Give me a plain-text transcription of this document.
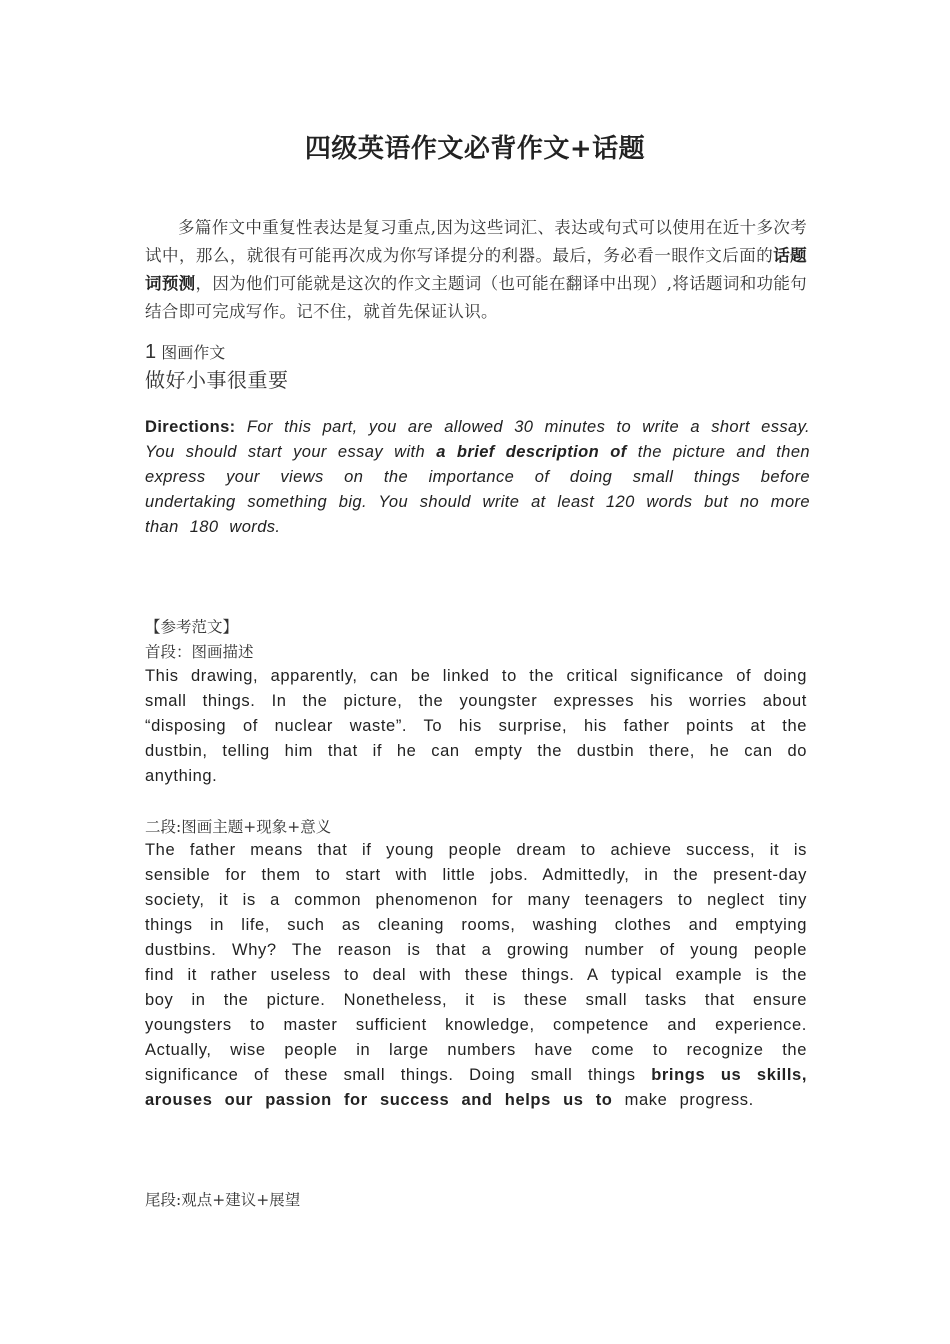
四级英语作文必背作文+话题
多篇作文中重复性表达是复习重点,因为这些词汇、表达或句式可以使用在近十多次考试中，那么，就很有可能再次成为你写译提分的利器。最后，务必看一眼作文后面的话题词预测，因为他们可能就是这次的作文主题词（也可能在翻译中出现）,将话题词和功能句结合即可完成写作。记不住，就首先保证认识。
1 图画作文
做好小事很重要
Directions: For this part, you are allowed 30 minutes to write a short essay. You should start your essay with a brief description of the picture and then express your views on the importance of doing small things before undertaking something big. You should write at least 120 words but no more than 180 words.
【参考范文】
首段：图画描述
This drawing, apparently, can be linked to the critical significance of doing small things. In the picture, the youngster expresses his worries about “disposing of nuclear waste”. To his surprise, his father points at the dustbin, telling him that if he can empty the dustbin there, he can do anything.
二段:图画主题+现象+意义
The father means that if young people dream to achieve success, it is sensible for them to start with little jobs. Admittedly, in the present-day society, it is a common phenomenon for many teenagers to neglect tiny things in life, such as cleaning rooms, washing clothes and emptying dustbins. Why? The reason is that a growing number of young people find it rather useless to deal with these things. A typical example is the boy in the picture. Nonetheless, it is these small tasks that ensure youngsters to master sufficient knowledge, competence and experience. Actually, wise people in large numbers have come to recognize the significance of these small things. Doing small things brings us skills, arouses our passion for success and helps us to make progress.
尾段:观点+建议+展望
